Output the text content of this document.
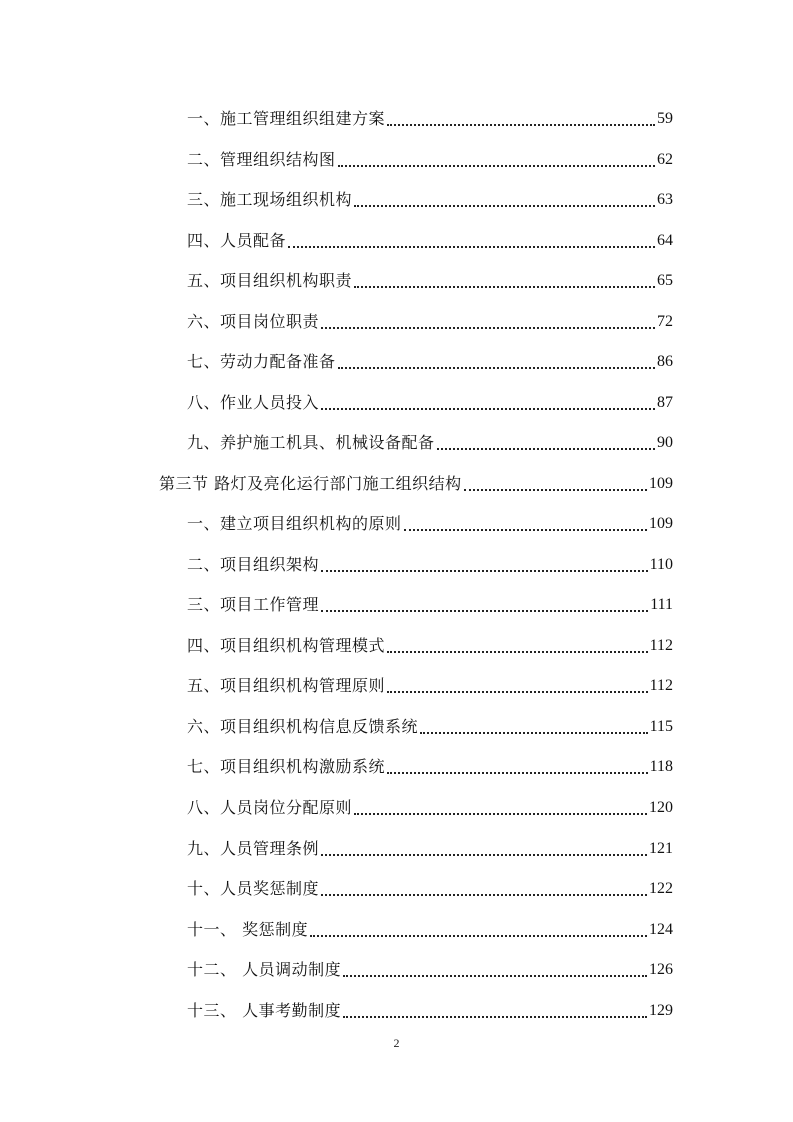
一、施工管理组织组建方案	59
二、管理组织结构图	62
三、施工现场组织机构	63
四、人员配备	64
五、项目组织机构职责	65
六、项目岗位职责	72
七、劳动力配备准备	86
八、作业人员投入	87
九、养护施工机具、机械设备配备	90
第三节 路灯及亮化运行部门施工组织结构	109
一、建立项目组织机构的原则	109
二、项目组织架构	110
三、项目工作管理	111
四、项目组织机构管理模式	112
五、项目组织机构管理原则	112
六、项目组织机构信息反馈系统	115
七、项目组织机构激励系统	118
八、人员岗位分配原则	120
九、人员管理条例	121
十、人员奖惩制度	122
十一、 奖惩制度	124
十二、 人员调动制度	126
十三、 人事考勤制度	129
2
